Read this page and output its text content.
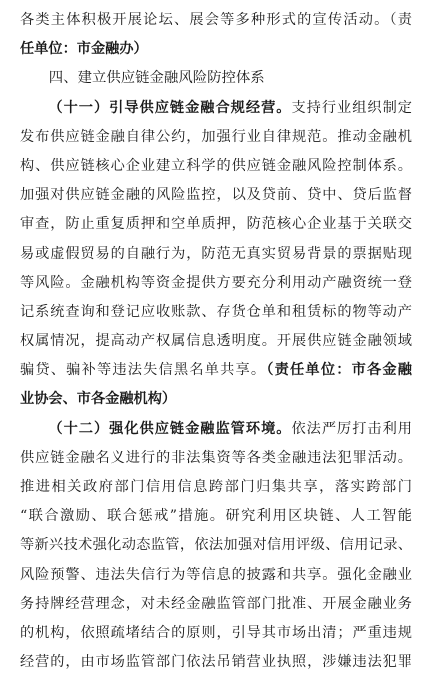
各类主体积极开展论坛、展会等多种形式的宣传活动。（责
任单位：市金融办）
四、建立供应链金融风险防控体系
（十一）引导供应链金融合规经营。支持行业组织制定
发布供应链金融自律公约，加强行业自律规范。推动金融机
构、供应链核心企业建立科学的供应链金融风险控制体系。
加强对供应链金融的风险监控，以及贷前、贷中、贷后监督
审查，防止重复质押和空单质押，防范核心企业基于关联交
易或虚假贸易的自融行为，防范无真实贸易背景的票据贴现
等风险。金融机构等资金提供方要充分利用动产融资统一登
记系统查询和登记应收账款、存货仓单和租赁标的物等动产
权属情况，提高动产权属信息透明度。开展供应链金融领域
骗贷、骗补等违法失信黑名单共享。（责任单位：市各金融
业协会、市各金融机构）
（十二）强化供应链金融监管环境。依法严厉打击利用
供应链金融名义进行的非法集资等各类金融违法犯罪活动。
推进相关政府部门信用信息跨部门归集共享，落实跨部门
“联合激励、联合惩戒”措施。研究利用区块链、人工智能
等新兴技术强化动态监管，依法加强对信用评级、信用记录、
风险预警、违法失信行为等信息的披露和共享。强化金融业
务持牌经营理念，对未经金融监管部门批准、开展金融业务
的机构，依照疏堵结合的原则，引导其市场出清；严重违规
经营的，由市场监管部门依法吊销营业执照，涉嫌违法犯罪
